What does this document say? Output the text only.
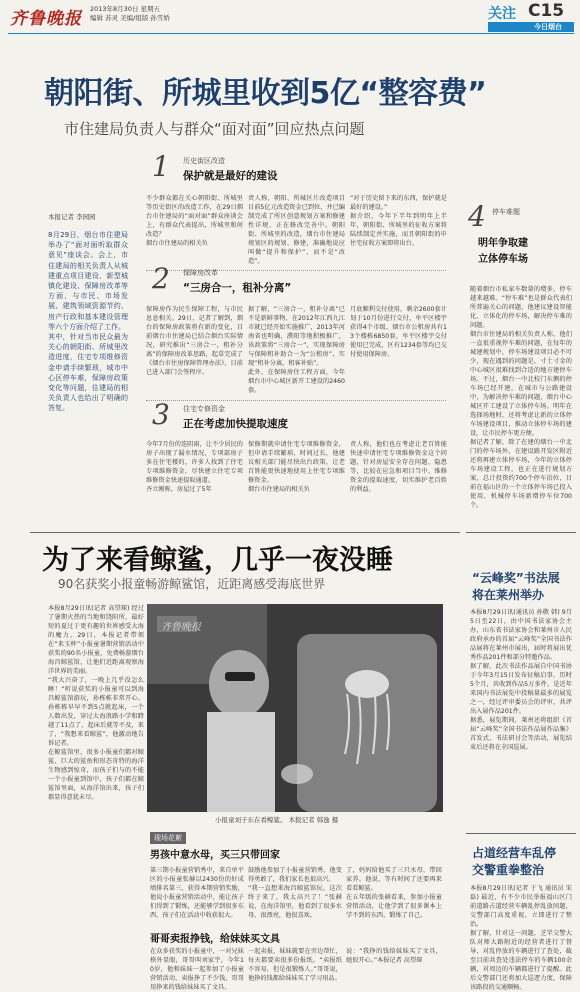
齐鲁晚报 2013年8月30日 星期五
编辑 苏灵 美编/组版 孙雪娇	关注 C15
今日烟台
朝阳街、所城里收到5亿“整容费”
市住建局负责人与群众“面对面”回应热点问题
本报记者 李园园
8月29日，烟台市住建局举办了“面对面听取群众意见”座谈会。会上，市住建局的相关负责人从城建重点项目建设、新型城镇化建设、保障房改革等方面，与市民、市场发展、建筑领域资源节约、房产行政和基本建设管理等六个方面介绍了工作。
其中，针对当市民众最为关心的朝阳街、所城里改造进度，住宅专项维修资金申请手续繁琐，城市中心区停车难，保障房政策变化等问题，住建局的相关负责人也给出了明确的答复。
1 历史街区改造
保护就是最好的建设
不少群众都在关心朝阳街、所城里等历史街区的改造工作，在29日烟台市住建局的“面对面”群众座谈会上，有群众代表提出，所城里和何改造？
烟台市住建局的相关负
责人称，朝阳、所城区片改造项目目前5亿元改造资金已到位，并已编制完成了所区创意规划方案和修建性详规，正在修改完善中。朝阳街、所城里的改造，烟台市住建局规划区的规划、修建，准确地说应叫做“提升和保护”，而不是“改造”。
“对于历史留下来的东西，保护就是最好的建设。”
据介绍，今年下半年到明年上半年，朝阳街、所城里的征收方案将陆续制定并实施，而且朝阳街的申住宅征收方案即将出台。
2 保障房改革
“三房合一，租补分离”
保障房作为民生保障工程，与市民息息相关。29日，记者了解到，烟台的保障房政策将有新的变化，目前烟台市住建局已结合烟台实际情况，研究推出“三房合一，租补分离”的保障房改革思路，起草完成了《烟台市住房保障管理办法》，目前已进入部门会签程序。
据了解，“三房合一，租补分离”已不是新鲜事物，在2012年江西九江市就已经开始实施推广，2013年河南省也明确，濮阳等地积极推广，该政策将“三房合一”，实现保障房与保障租补助合一为“公租房”，实现“租补分离，租客补贴”。
此外，在保障房住工程方面，今年烟台市中心城区新开工建设的2460套。
月底顺利交付使用，剩余2600套计划于10月份进行交付，牟平区楼宇获得4个市级、烟台市公租房共有13个楼栋6850套，牟平区楼宇交付使用已完成，区有1234套等均已交付使用保障房。
3 住宅专修资金
正在考虑加快提取速度
今年7月份的连阴雨，让不少居民的房子出现了漏水情况，专项部房子多在住宅楼的，许多人找到了住宅专项维修资金，尽快建立住宅专项维修资金快速提取通道。
齐立刚称，房屋过了5年
保修期就申请住宅专项维修资金，但申请手续繁琐，时间过长，他建议相关部门能尽快出台政策，让老百姓能更快速地使用上住宅专项维修资金。
烟台市住建局的相关负
责人称，他们也在考虑让老百姓能快速申请住宅专项维修资金这个问题，针对房屋安全存在问题、隐患等，比较在应急和项目当中、维修资金的提取速度，切实维护老百姓的利益。
4 停车难题
明年争取建
立体停车场
随着烟台市私家车数量的增多，停车越来越难。“停车难”也是群众代表们所普遍关心的问题，他建议建设智能化、立体化的停车场，解决停车难的问题。
烟台市住建局的相关负责人称，他们一直很重视停车难的问题，在每年的城建规划中，停车场建设项目必不可少，现在遇到的问题是，寸土寸金的中心城区很难找到合适的地方建停车场。不过，烟台一中北校门东侧的停车场已经开建，在城市与公路建设中，为解决停车难的问题，烟台中心城区开工建设了立体停车场。明年在选择场地时，还将考虑让新的立体停车场建设项目，推动立体停车场的建设，让市民停车更方便。
据记者了解，除了在建的烟台一中北门的停车场外，在建设路开发区附近还将再建立体停车场，今年的立体停车场建设工程，也正在进行规划方案，总计投资约700个停车泊位，目前在福山区的一个立体停车场已投入使用，机械停车场新增停车位700个。
为了来看鲸鲨，几乎一夜没睡
90名获奖小报童畅游鲸鲨馆，近距离感受海底世界
本报8月29日讯(记者 高望琛) 经过了暑期火热的当地和饶阳所，最好短的夏过于更有趣的世界感受大海的魔力，29日，本报记者带领在“来玉杯”小报童暑期营销活动中获奖的90名小报童，免费畅游烟台海昌鲸鲨馆，让他们近距离观察海洋世界的美丽。
“我大兴奋了，一晚上几乎没怎么睡！”听说获奖的小报童可以到海昌鲸鲨馆游玩，孙栋栋非常开心。孙栋栋早早不到5点就起床，一个人数出发，穿过大海浪路小学和跨越了11点了，起床后就等不及，来了，“我想来看鲸鲨”，他激动地告诉记者。
在鲸鲨馆里，很多小报童们都对鲸鲨、巨大的鲨鱼和形态奇特的海洋生物感到惊奇，而孩子们与的不能一个小报童到馆中，孩子们都在鲸鲨馆里面，从海洋馆出来，孩子们都显得意犹未尽。
齐鲁晚报
小报童刘子东在看鲸鲨。 本报记者 韩逸 摄
现场花絮
男孩中意水母，买三只带回家
第三期小报童营销秀中，来自单平区的小报童张赫以2430份的好成绩排名第三，获得本期营销奖励，他说小报童营销活动中，能让孩子们得到了锻炼，还能够学到很多东西，孩子们在活动中收获很大。
鼓励他参加了小报童营销秀，他变得勇敢了，我们家长也很高兴。
“我一直想来海昌鲸鲨馆玩，这次终于来了，我太高兴了！”张赫说，在海洋馆里，他看到了很多水母，很漂亮，他很喜欢。
了，妈妈给他买了三只水母，带回家养。他说，等有时间了还要再来看看鲸鲨。
在五年级的张赫看来，参加小报童营销活动，让他学到了很多课本上学不到的东西，锻炼了自己。
哥哥卖报挣钱，给妹妹买文具
在众多获奖的小报童中，一对兄妹格外显眼，哥哥叫刘家宇，今年10岁，他和妹妹一起参加了小报童营销活动，卖报挣了不少钱，哥哥用挣来的钱给妹妹买了文具。
一起卖报，妹妹就要在旁边帮忙，每天都要卖很多份报纸。“卖报纸不容易，但是很锻炼人。”哥哥说，他挣的钱都给妹妹买了学习用品。
说：“我挣的钱给妹妹买了文具，她很开心。”本报记者 高望琛
“云峰奖”书法展
将在莱州举办
本报8月29日讯(通讯员 孙敬 韩) 9月5日至22日，由中国书法家协会主办，山东省书法家协会和莱州市人民政府承办的首届“云峰奖”全国书法作品展将在莱州市展出，届时将展出优秀作品201件和部分特邀作品。
据了解，此次书法作品展自中国书协于今年3月15日发布征稿启事，历时5个月，共收到作品5万多件，是近年来国内书法展览中投稿量最多的展览之一，经过评审委员会的评审，共评出入展作品201件。
据悉，展览期间，莱州还将组织《首届“云峰奖”全国书法作品展作品集》首发式、书法研讨会等活动，展览结束后还将在全国巡展。
占道经营车乱停
交警重拳整治
本报8月29日讯(记者 于飞 通讯员 宋磊) 最近，有不少市民举报福山区门前道路占道经营车辆乱停乱放问题，交警部门高度重视，立即进行了整治。
据了解，针对这一问题，芝罘交警大队对师大路附近的经营者进行了督导，对乱停放的车辆进行了查处，截至目前共查处违法停车的车辆100余辆，对周边的车辆都进行了提醒。此后交警部门还将加大巡逻力度，保障该路段的交通顺畅。
